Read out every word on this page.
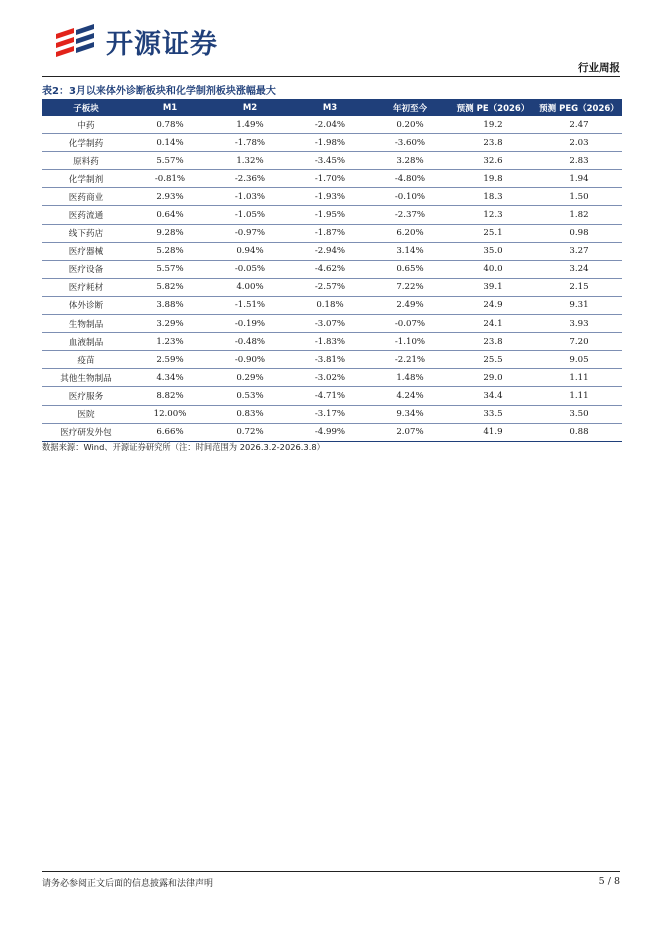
开源证券
行业周报
表2：3月以来体外诊断板块和化学制剂板块涨幅最大
子板块	M1	M2	M3	年初至今	预测 PE（2026）	预测 PEG（2026）
中药	0.78%	1.49%	-2.04%	0.20%	19.2	2.47
化学制药	0.14%	-1.78%	-1.98%	-3.60%	23.8	2.03
原料药	5.57%	1.32%	-3.45%	3.28%	32.6	2.83
化学制剂	-0.81%	-2.36%	-1.70%	-4.80%	19.8	1.94
医药商业	2.93%	-1.03%	-1.93%	-0.10%	18.3	1.50
医药流通	0.64%	-1.05%	-1.95%	-2.37%	12.3	1.82
线下药店	9.28%	-0.97%	-1.87%	6.20%	25.1	0.98
医疗器械	5.28%	0.94%	-2.94%	3.14%	35.0	3.27
医疗设备	5.57%	-0.05%	-4.62%	0.65%	40.0	3.24
医疗耗材	5.82%	4.00%	-2.57%	7.22%	39.1	2.15
体外诊断	3.88%	-1.51%	0.18%	2.49%	24.9	9.31
生物制品	3.29%	-0.19%	-3.07%	-0.07%	24.1	3.93
血液制品	1.23%	-0.48%	-1.83%	-1.10%	23.8	7.20
疫苗	2.59%	-0.90%	-3.81%	-2.21%	25.5	9.05
其他生物制品	4.34%	0.29%	-3.02%	1.48%	29.0	1.11
医疗服务	8.82%	0.53%	-4.71%	4.24%	34.4	1.11
医院	12.00%	0.83%	-3.17%	9.34%	33.5	3.50
医疗研发外包	6.66%	0.72%	-4.99%	2.07%	41.9	0.88
数据来源：Wind、开源证券研究所（注：时间范围为 2026.3.2-2026.3.8）
请务必参阅正文后面的信息披露和法律声明	5 / 8
